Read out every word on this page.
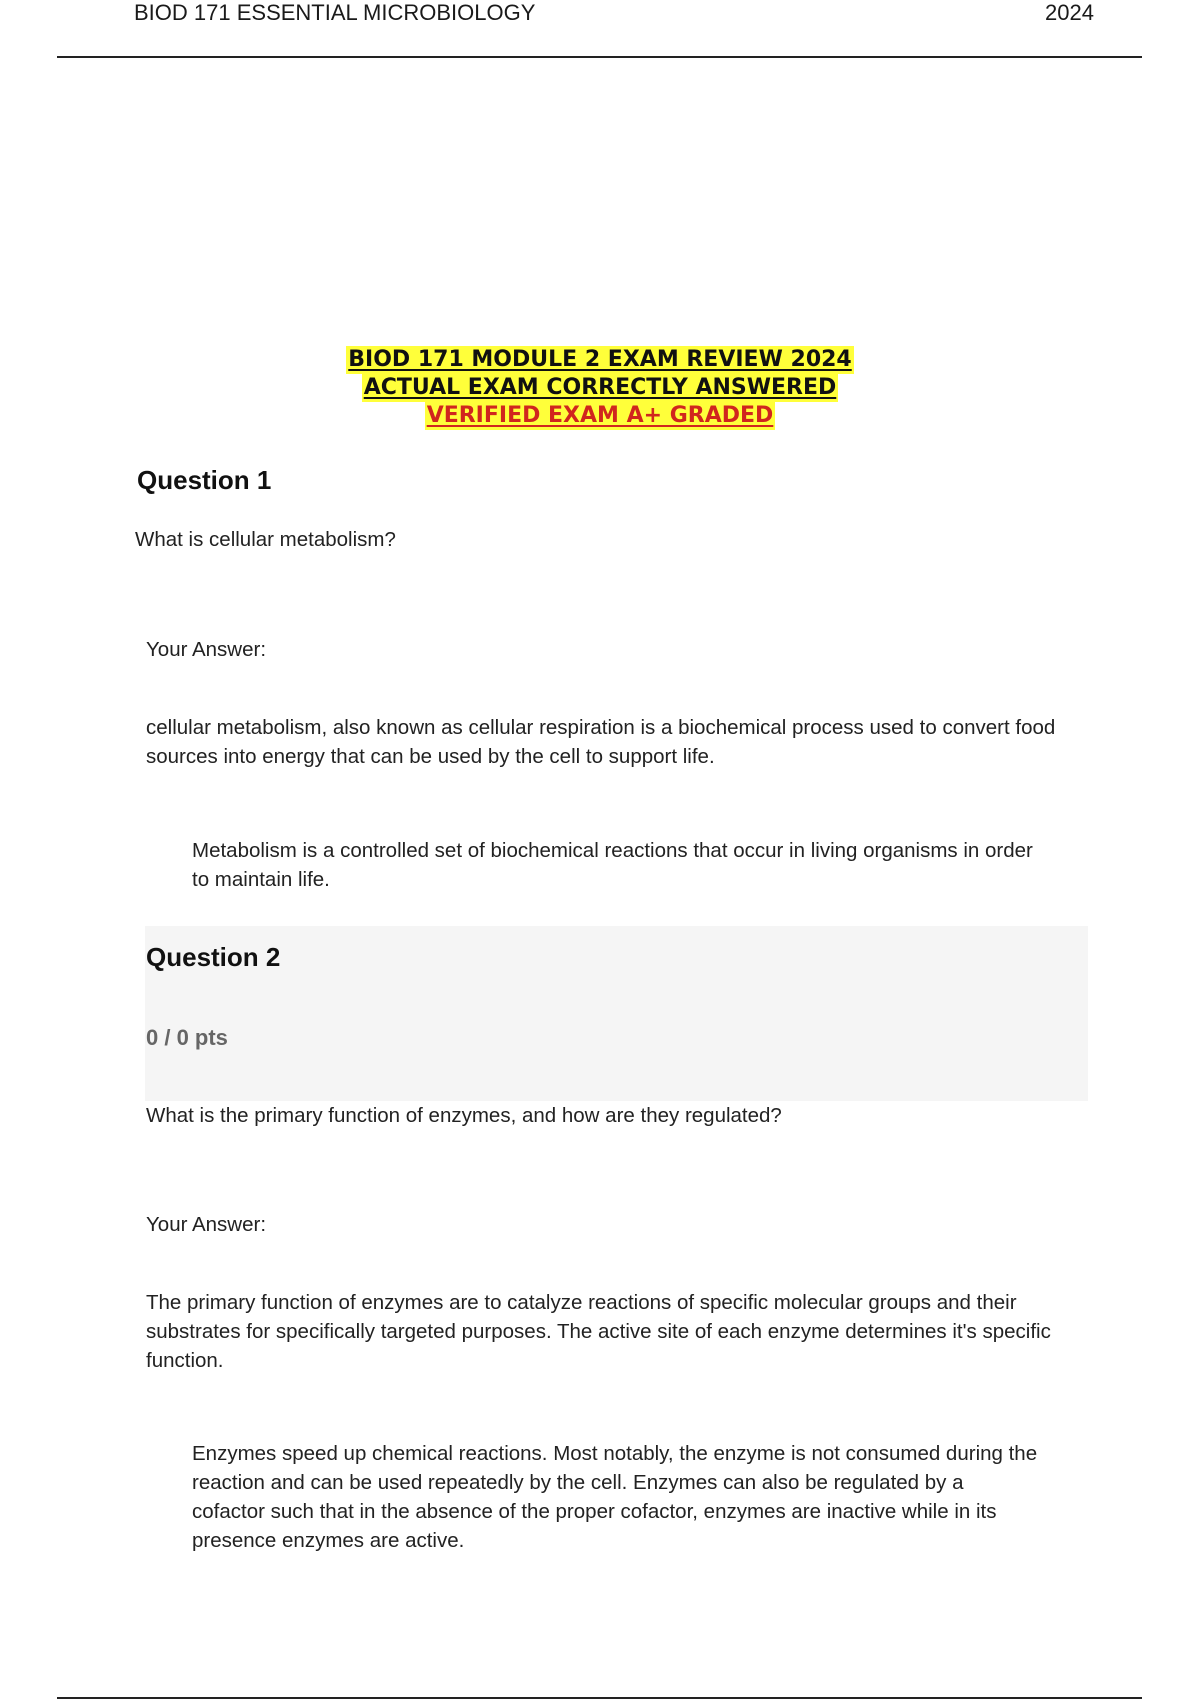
BIOD 171 ESSENTIAL MICROBIOLOGY	2024
BIOD 171 MODULE 2 EXAM REVIEW 2024
ACTUAL EXAM CORRECTLY ANSWERED
VERIFIED EXAM A+ GRADED
Question 1
What is cellular metabolism?
Your Answer:
cellular metabolism, also known as cellular respiration is a biochemical process used to convert food sources into energy that can be used by the cell to support life.
Metabolism is a controlled set of biochemical reactions that occur in living organisms in order to maintain life.
Question 2
0 / 0 pts
What is the primary function of enzymes, and how are they regulated?
Your Answer:
The primary function of enzymes are to catalyze reactions of specific molecular groups and their substrates for specifically targeted purposes. The active site of each enzyme determines it's specific function.
Enzymes speed up chemical reactions. Most notably, the enzyme is not consumed during the reaction and can be used repeatedly by the cell. Enzymes can also be regulated by a cofactor such that in the absence of the proper cofactor, enzymes are inactive while in its presence enzymes are active.
